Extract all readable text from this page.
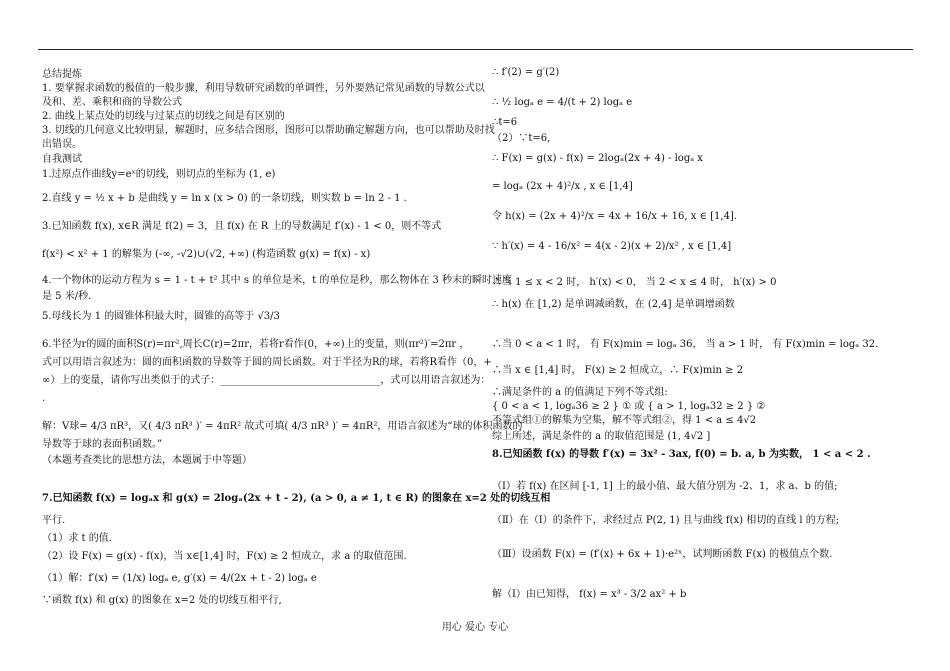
总结提炼
1. 要掌握求函数的极值的一般步骤，利用导数研究函数的单调性，另外要熟记常见函数的导数公式以
及和、差、乘积和商的导数公式
2. 曲线上某点处的切线与过某点的切线之间是有区别的
3. 切线的几何意义比较明显，解题时，应多结合图形，图形可以帮助确定解题方向，也可以帮助及时找
出错误。
自我测试
1.过原点作曲线y=eˣ的切线，则切点的坐标为 (1, e)
2.直线 y = ½ x + b 是曲线 y = ln x (x > 0) 的一条切线，则实数 b = ln 2 - 1 .
3.已知函数 f(x), x∈R 满足 f(2) = 3，且 f(x) 在 R 上的导数满足 f′(x) - 1 < 0，则不等式
f(x²) < x² + 1 的解集为 (-∞, -√2)∪(√2, +∞) (构造函数 g(x) = f(x) - x)
4.一个物体的运动方程为 s = 1 - t + t² 其中 s 的单位是米，t 的单位是秒，那么物体在 3 秒末的瞬时速度
是 5 米/秒.
5.母线长为 1 的圆锥体积最大时，圆锥的高等于 √3/3
6.半径为r的圆的面积S(r)=πr²,周长C(r)=2πr，若将r看作(0，+∞)上的变量，则(πr²)′=2πr ，
式可以用语言叙述为：圆的面积函数的导数等于圆的周长函数。对于半径为R的球，若将R看作（0，+
∞）上的变量，请你写出类似于的式子：________________________________，式可以用语言叙述为：
.
解：V球= 4/3 πR³，又( 4/3 πR³ )′ = 4πR² 故式可填( 4/3 πR³ )′ = 4πR²，用语言叙述为“球的体积函数的
导数等于球的表面积函数。”
（本题考查类比的思想方法，本题属于中等题）
7.已知函数 f(x) = logₐx 和 g(x) = 2logₐ(2x + t - 2), (a > 0, a ≠ 1, t ∈ R) 的图象在 x=2 处的切线互相
平行.
（1）求 t 的值.
（2）设 F(x) = g(x) - f(x)，当 x∈[1,4] 时，F(x) ≥ 2 恒成立，求 a 的取值范围.
（1）解：f′(x) = (1/x) logₐ e, g′(x) = 4/(2x + t - 2) logₐ e
∵函数 f(x) 和 g(x) 的图象在 x=2 处的切线互相平行,
∴ f′(2) = g′(2)
∴ ½ logₐ e = 4/(t + 2) logₐ e
∴t=6
（2）∵t=6,
∴ F(x) = g(x) - f(x) = 2logₐ(2x + 4) - logₐ x
= logₐ (2x + 4)²/x , x ∈ [1,4]
令 h(x) = (2x + 4)²/x = 4x + 16/x + 16, x ∈ [1,4].
∵ h′(x) = 4 - 16/x² = 4(x - 2)(x + 2)/x² , x ∈ [1,4]
∴当 1 ≤ x < 2 时， h′(x) < 0， 当 2 < x ≤ 4 时， h′(x) > 0
∴ h(x) 在 [1,2) 是单调减函数，在 (2,4] 是单调增函数
∴当 0 < a < 1 时， 有 F(x)min = logₐ 36， 当 a > 1 时， 有 F(x)min = logₐ 32.
∴当 x ∈ [1,4] 时， F(x) ≥ 2 恒成立，∴ F(x)min ≥ 2
∴满足条件的 a 的值满足下列不等式组:
{ 0 < a < 1, logₐ36 ≥ 2 } ① 或 { a > 1, logₐ32 ≥ 2 } ②
不等式组①的解集为空集，解不等式组②，得 1 < a ≤ 4√2
综上所述，满足条件的 a 的取值范围是 (1, 4√2 ]
8.已知函数 f(x) 的导数 f′(x) = 3x² - 3ax, f(0) = b. a, b 为实数， 1 < a < 2 .
（Ⅰ）若 f(x) 在区间 [-1, 1] 上的最小值、最大值分别为 -2、1，求 a、b 的值;
（Ⅱ）在（Ⅰ）的条件下，求经过点 P(2, 1) 且与曲线 f(x) 相切的直线 l 的方程;
（Ⅲ）设函数 F(x) = (f′(x) + 6x + 1)·e²ˣ，试判断函数 F(x) 的极值点个数.
解（Ⅰ）由已知得， f(x) = x³ - 3/2 ax² + b
用心 爱心 专心
